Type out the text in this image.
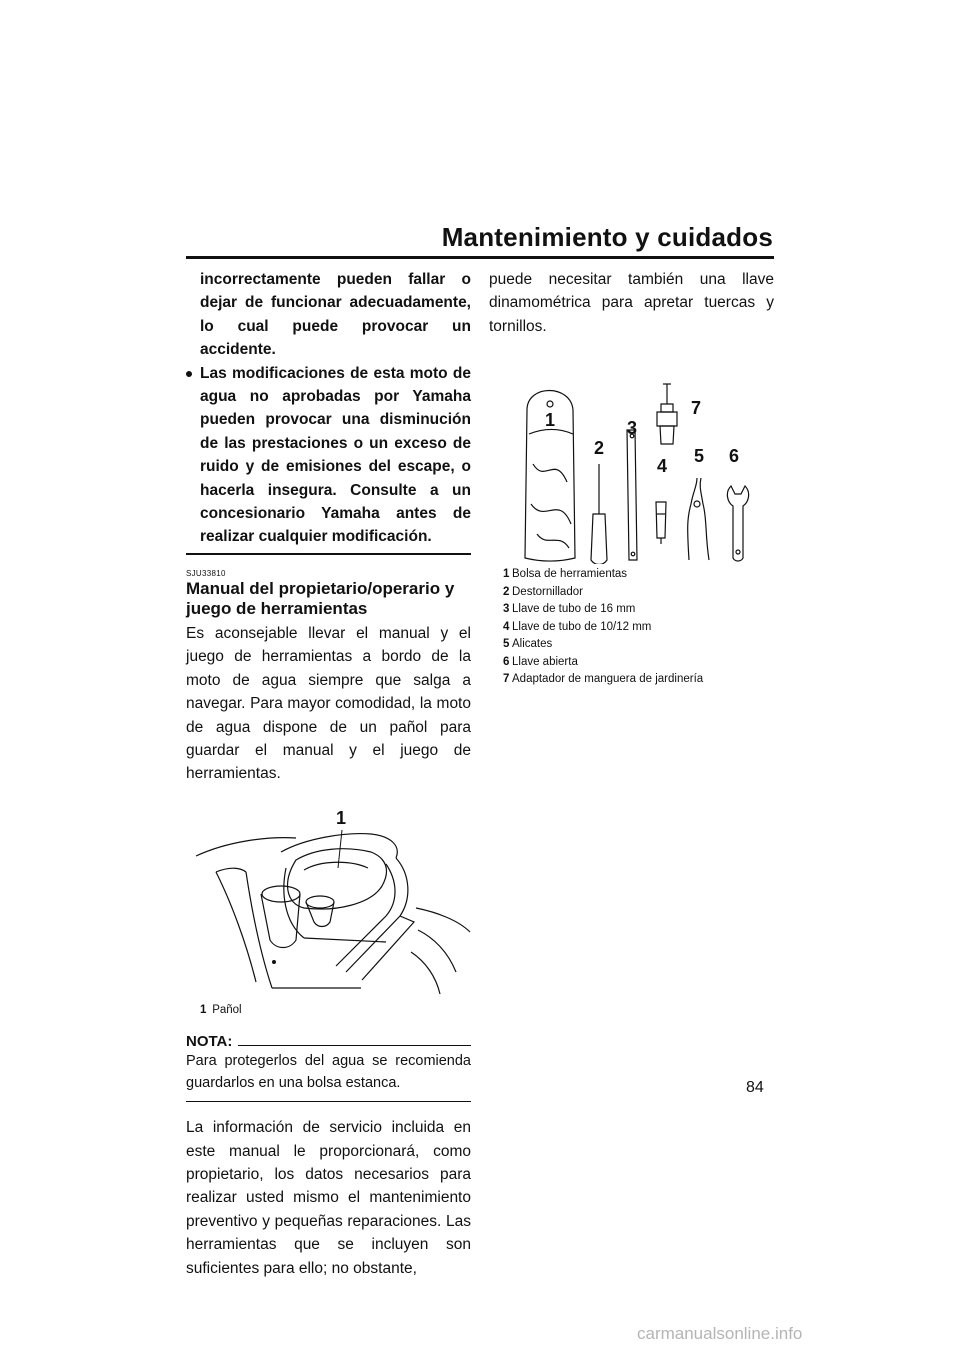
Mantenimiento y cuidados

incorrectamente pueden fallar o dejar de funcionar adecuadamente, lo cual puede provocar un accidente.

Las modificaciones de esta moto de agua no aprobadas por Yamaha pueden provocar una disminución de las prestaciones o un exceso de ruido y de emisiones del escape, o hacerla insegura. Consulte a un concesionario Yamaha antes de realizar cualquier modificación.

SJU33810
Manual del propietario/operario y juego de herramientas

Es aconsejable llevar el manual y el juego de herramientas a bordo de la moto de agua siempre que salga a navegar. Para mayor comodidad, la moto de agua dispone de un pañol para guardar el manual y el juego de herramientas.

1
1 Pañol
NOTA:

Para protegerlos del agua se recomienda guardarlos en una bolsa estanca.

La información de servicio incluida en este manual le proporcionará, como propietario, los datos necesarios para realizar usted mismo el mantenimiento preventivo y pequeñas reparaciones. Las herramientas que se incluyen son suficientes para ello; no obstante,

puede necesitar también una llave dinamométrica para apretar tuercas y tornillos.

1
2
3
4 5 6
7
1 Bolsa de herramientas
2 Destornillador
3 Llave de tubo de 16 mm
4 Llave de tubo de 10/12 mm
5 Alicates
6 Llave abierta
7 Adaptador de manguera de jardinería
84
carmanualsonline.info
